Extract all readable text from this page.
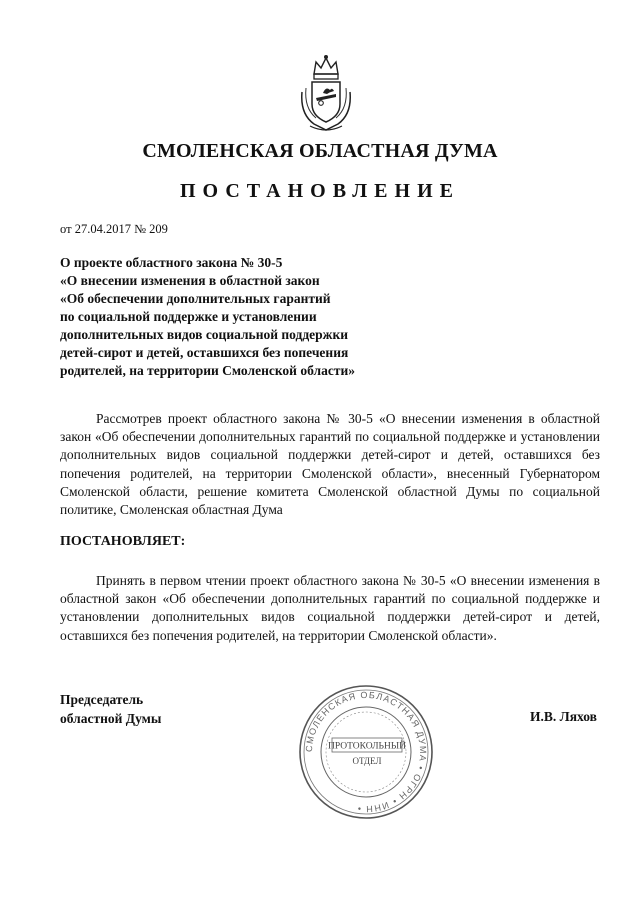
СМОЛЕНСКАЯ ОБЛАСТНАЯ ДУМА
ПОСТАНОВЛЕНИЕ
от 27.04.2017 № 209
О проекте областного закона № 30-5
«О внесении изменения в областной закон
«Об обеспечении дополнительных гарантий
по социальной поддержке и установлении
дополнительных видов социальной поддержки
детей-сирот и детей, оставшихся без попечения
родителей, на территории Смоленской области»
Рассмотрев проект областного закона № 30-5 «О внесении изменения в областной закон «Об обеспечении дополнительных гарантий по социальной поддержке и установлении дополнительных видов социальной поддержки детей-сирот и детей, оставшихся без попечения родителей, на территории Смоленской области», внесенный Губернатором Смоленской области, решение комитета Смоленской областной Думы по социальной политике, Смоленская областная Дума
ПОСТАНОВЛЯЕТ:
Принять в первом чтении проект областного закона № 30-5 «О внесении изменения в областной закон «Об обеспечении дополнительных гарантий по социальной поддержке и установлении дополнительных видов социальной поддержки детей-сирот и детей, оставшихся без попечения родителей, на территории Смоленской области».
Председатель
областной Думы	И.В. Ляхов
СМОЛЕНСКАЯ ОБЛАСТНАЯ ДУМА • ОГРН • ИНН •
ПРОТОКОЛЬНЫЙ
ОТДЕЛ
